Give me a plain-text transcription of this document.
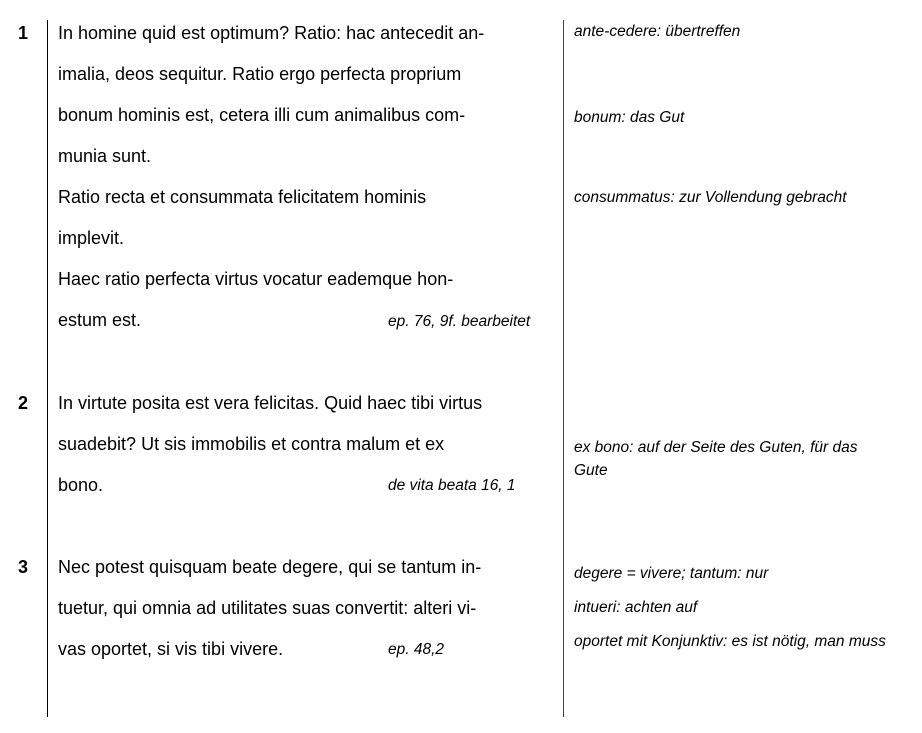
1 In homine quid est optimum? Ratio: hac antecedit an-
imalia, deos sequitur. Ratio ergo perfecta proprium
bonum hominis est, cetera illi cum animalibus com-
munia sunt.
Ratio recta et consummata felicitatem hominis
implevit.
Haec ratio perfecta virtus vocatur eademque hon-
estum est.	ep. 76, 9f. bearbeitet
ante-cedere: übertreffen
bonum: das Gut
consummatus: zur Vollendung gebracht
2 In virtute posita est vera felicitas. Quid haec tibi virtus
suadebit? Ut sis immobilis et contra malum et ex
bono.	de vita beata 16, 1
ex bono: auf der Seite des Guten, für das Gute
3 Nec potest quisquam beate degere, qui se tantum in-
tuetur, qui omnia ad utilitates suas convertit: alteri vi-
vas oportet, si vis tibi vivere.	ep. 48,2
degere = vivere; tantum: nur
intueri: achten auf
oportet mit Konjunktiv: es ist nötig, man muss
